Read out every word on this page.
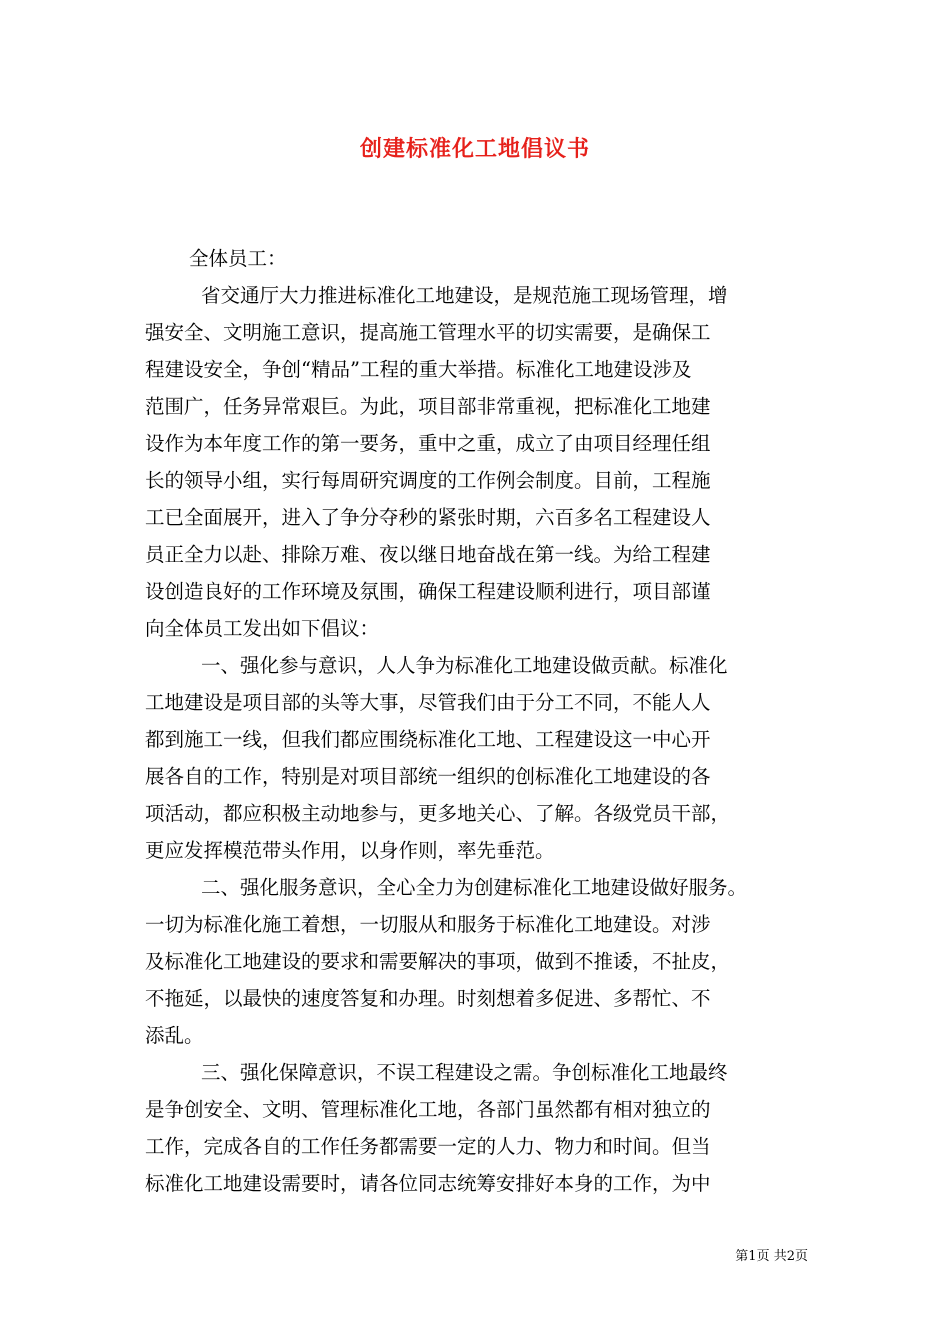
创建标准化工地倡议书
全体员工：
省交通厅大力推进标准化工地建设，是规范施工现场管理，增
强安全、文明施工意识，提高施工管理水平的切实需要，是确保工
程建设安全，争创“精品”工程的重大举措。标准化工地建设涉及
范围广，任务异常艰巨。为此，项目部非常重视，把标准化工地建
设作为本年度工作的第一要务，重中之重，成立了由项目经理任组
长的领导小组，实行每周研究调度的工作例会制度。目前，工程施
工已全面展开，进入了争分夺秒的紧张时期，六百多名工程建设人
员正全力以赴、排除万难、夜以继日地奋战在第一线。为给工程建
设创造良好的工作环境及氛围，确保工程建设顺利进行，项目部谨
向全体员工发出如下倡议：
一、强化参与意识，人人争为标准化工地建设做贡献。标准化
工地建设是项目部的头等大事，尽管我们由于分工不同，不能人人
都到施工一线，但我们都应围绕标准化工地、工程建设这一中心开
展各自的工作，特别是对项目部统一组织的创标准化工地建设的各
项活动，都应积极主动地参与，更多地关心、了解。各级党员干部，
更应发挥模范带头作用，以身作则，率先垂范。
二、强化服务意识，全心全力为创建标准化工地建设做好服务。
一切为标准化施工着想，一切服从和服务于标准化工地建设。对涉
及标准化工地建设的要求和需要解决的事项，做到不推诿，不扯皮，
不拖延，以最快的速度答复和办理。时刻想着多促进、多帮忙、不
添乱。
三、强化保障意识，不误工程建设之需。争创标准化工地最终
是争创安全、文明、管理标准化工地，各部门虽然都有相对独立的
工作，完成各自的工作任务都需要一定的人力、物力和时间。但当
标准化工地建设需要时，请各位同志统筹安排好本身的工作，为中
第1页 共2页
